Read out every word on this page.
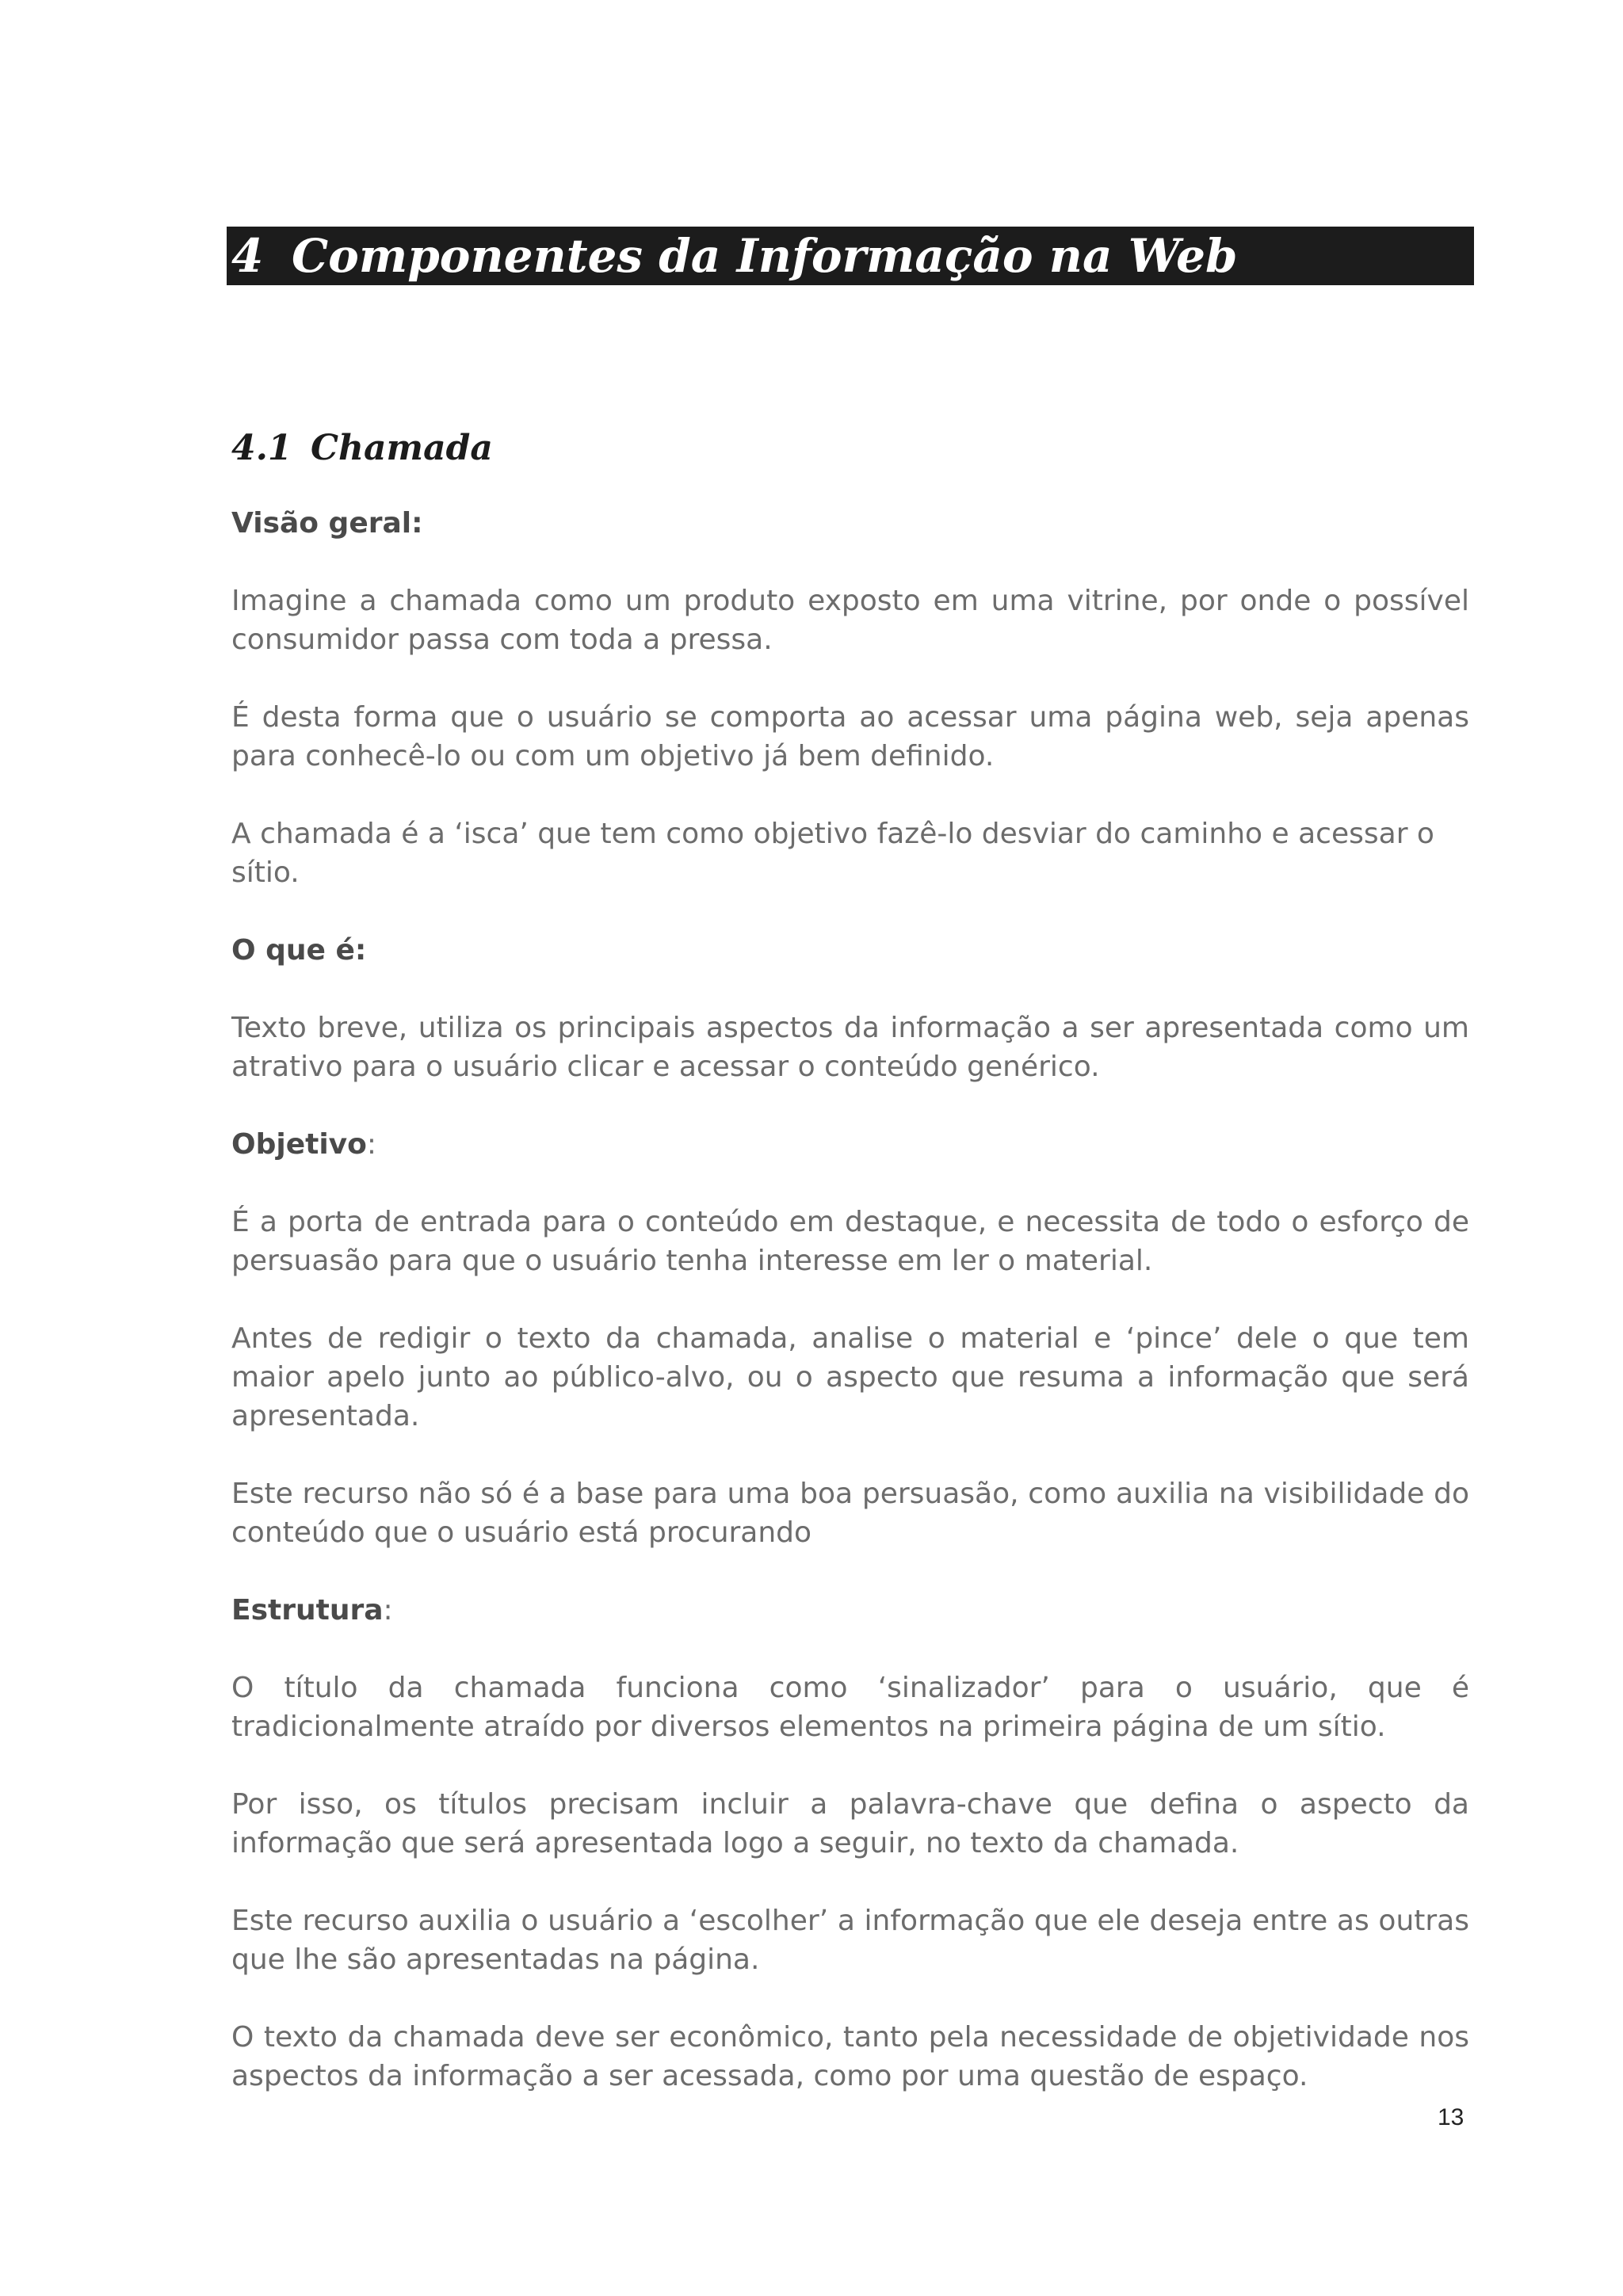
4 Componentes da Informação na Web
4.1 Chamada

Visão geral:

Imagine a chamada como um produto exposto em uma vitrine, por onde o possível consumidor passa com toda a pressa.

É desta forma que o usuário se comporta ao acessar uma página web, seja apenas para conhecê-lo ou com um objetivo já bem definido.

A chamada é a ‘isca’ que tem como objetivo fazê-lo desviar do caminho e acessar o sítio.

O que é:

Texto breve, utiliza os principais aspectos da informação a ser apresentada como um atrativo para o usuário clicar e acessar o conteúdo genérico.

Objetivo:

É a porta de entrada para o conteúdo em destaque, e necessita de todo o esforço de persuasão para que o usuário tenha interesse em ler o material.

Antes de redigir o texto da chamada, analise o material e ‘pince’ dele o que tem maior apelo junto ao público-alvo, ou o aspecto que resuma a informação que será apresentada.

Este recurso não só é a base para uma boa persuasão, como auxilia na visibilidade do conteúdo que o usuário está procurando

Estrutura:

O título da chamada funciona como ‘sinalizador’ para o usuário, que é tradicionalmente atraído por diversos elementos na primeira página de um sítio.

Por isso, os títulos precisam incluir a palavra-chave que defina o aspecto da informação que será apresentada logo a seguir, no texto da chamada.

Este recurso auxilia o usuário a ‘escolher’ a informação que ele deseja entre as outras que lhe são apresentadas na página.

O texto da chamada deve ser econômico, tanto pela necessidade de objetividade nos aspectos da informação a ser acessada, como por uma questão de espaço.

13
